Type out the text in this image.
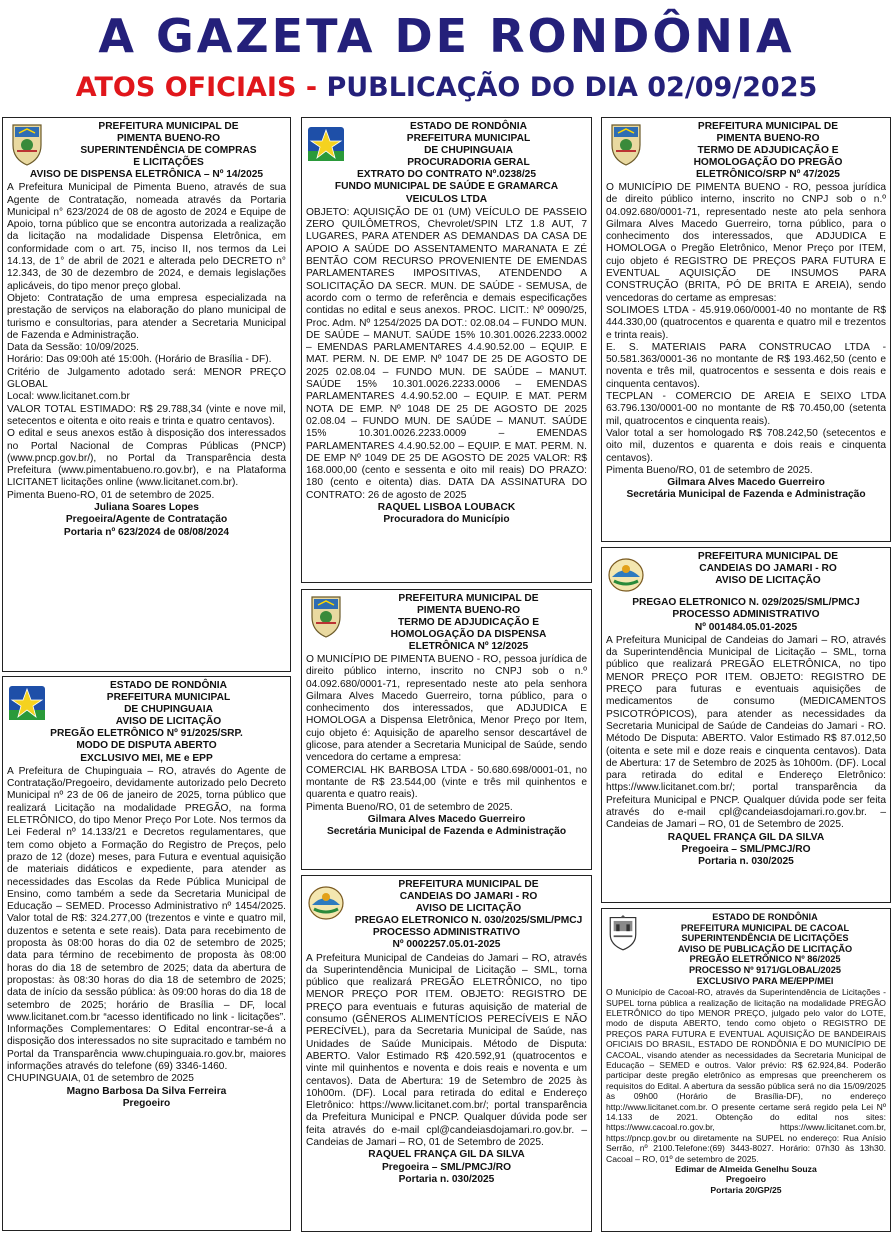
A GAZETA DE RONDÔNIA
ATOS OFICIAIS - PUBLICAÇÃO DO DIA 02/09/2025
PREFEITURA MUNICIPAL DE
PIMENTA BUENO-RO
SUPERINTENDÊNCIA DE COMPRAS
E LICITAÇÕES
AVISO DE DISPENSA ELETRÔNICA – Nº 14/2025

A Prefeitura Municipal de Pimenta Bueno, através de sua Agente de Contratação, nomeada através da Portaria Municipal n° 623/2024 de 08 de agosto de 2024 e Equipe de Apoio, torna público que se encontra autorizada a realização da licitação na modalidade Dispensa Eletrônica, em conformidade com o art. 75, inciso II, nos termos da Lei 14.13, de 1° de abril de 2021 e alterada pelo DECRETO n° 12.343, de 30 de dezembro de 2024, e demais legislações aplicáveis, do tipo menor preço global.

Objeto: Contratação de uma empresa especializada na prestação de serviços na elaboração do plano municipal de turismo e consultorias, para atender a Secretaria Municipal de Fazenda e Administração.

Data da Sessão: 10/09/2025.

Horário: Das 09:00h até 15:00h. (Horário de Brasília - DF).

Critério de Julgamento adotado será: MENOR PREÇO GLOBAL

Local: www.licitanet.com.br

VALOR TOTAL ESTIMADO: R$ 29.788,34 (vinte e nove mil, setecentos e oitenta e oito reais e trinta e quatro centavos).

O edital e seus anexos estão à disposição dos interessados no Portal Nacional de Compras Públicas (PNCP) (www.pncp.gov.br/), no Portal da Transparência desta Prefeitura (www.pimentabueno.ro.gov.br), e na Plataforma LICITANET licitações online (www.licitanet.com.br).

Pimenta Bueno-RO, 01 de setembro de 2025.

Juliana Soares Lopes
Pregoeira/Agente de Contratação
Portaria nº 623/2024 de 08/08/2024
ESTADO DE RONDÔNIA
PREFEITURA MUNICIPAL
DE CHUPINGUAIA
AVISO DE LICITAÇÃO
PREGÃO ELETRÔNICO Nº 91/2025/SRP.
MODO DE DISPUTA ABERTO
EXCLUSIVO MEI, ME e EPP

A Prefeitura de Chupinguaia – RO, através do Agente de Contratação/Pregoeiro, devidamente autorizado pelo Decreto Municipal nº 23 de 06 de janeiro de 2025, torna público que realizará Licitação na modalidade PREGÃO, na forma ELETRÔNICO, do tipo Menor Preço Por Lote. Nos termos da Lei Federal nº 14.133/21 e Decretos regulamentares, que tem como objeto a Formação do Registro de Preços, pelo prazo de 12 (doze) meses, para Futura e eventual aquisição de materiais didáticos e expediente, para atender as necessidades das Escolas da Rede Pública Municipal de Ensino, como também a sede da Secretaria Municipal de Educação – SEMED. Processo Administrativo nº 1454/2025. Valor total de R$: 324.277,00 (trezentos e vinte e quatro mil, duzentos e setenta e sete reais). Data para recebimento de proposta às 08:00 horas do dia 02 de setembro de 2025; data para término de recebimento de proposta às 08:00 horas do dia 18 de setembro de 2025; data da abertura de propostas: às 08:30 horas do dia 18 de setembro de 2025; data de início da sessão pública: às 09:00 horas do dia 18 de setembro de 2025; horário de Brasília – DF, local www.licitanet.com.br “acesso identificado no link - licitações”. Informações Complementares: O Edital encontrar-se-á a disposição dos interessados no site supracitado e também no Portal da Transparência www.chupinguaia.ro.gov.br, maiores informações através do telefone (69) 3346-1460.

CHUPINGUAIA, 01 de setembro de 2025

Magno Barbosa Da Silva Ferreira
Pregoeiro
ESTADO DE RONDÔNIA
PREFEITURA MUNICIPAL
DE CHUPINGUAIA
PROCURADORIA GERAL
EXTRATO DO CONTRATO Nº.0238/25
FUNDO MUNICIPAL DE SAÚDE E GRAMARCA
VEICULOS LTDA

OBJETO: AQUISIÇÃO DE 01 (UM) VEÍCULO DE PASSEIO ZERO QUILÔMETROS, Chevrolet/SPIN LTZ 1.8 AUT, 7 LUGARES, PARA ATENDER AS DEMANDAS DA CASA DE APOIO A SAÚDE DO ASSENTAMENTO MARANATA E ZÉ BENTÃO COM RECURSO PROVENIENTE DE EMENDAS PARLAMENTARES IMPOSITIVAS, ATENDENDO A SOLICITAÇÃO DA SECR. MUN. DE SAÚDE - SEMUSA, de acordo com o termo de referência e demais especificações contidas no edital e seus anexos. PROC. LICIT.: Nº 0090/25, Proc. Adm. Nº 1254/2025 DA DOT.: 02.08.04 – FUNDO MUN. DE SAÚDE – MANUT. SAÚDE 15% 10.301.0026.2233.0002 – EMENDAS PARLAMENTARES 4.4.90.52.00 – EQUIP. E MAT. PERM. N. DE EMP. Nº 1047 DE 25 DE AGOSTO DE 2025 02.08.04 – FUNDO MUN. DE SAÚDE – MANUT. SAÚDE 15% 10.301.0026.2233.0006 – EMENDAS PARLAMENTARES 4.4.90.52.00 – EQUIP. E MAT. PERM NOTA DE EMP. Nº 1048 DE 25 DE AGOSTO DE 2025 02.08.04 – FUNDO MUN. DE SAÚDE – MANUT. SAÚDE 15% 10.301.0026.2233.0009 – EMENDAS PARLAMENTARES 4.4.90.52.00 – EQUIP. E MAT. PERM. N. DE EMP Nº 1049 DE 25 DE AGOSTO DE 2025 VALOR: R$ 168.000,00 (cento e sessenta e oito mil reais) DO PRAZO: 180 (cento e oitenta) dias. DATA DA ASSINATURA DO CONTRATO: 26 de agosto de 2025

RAQUEL LISBOA LOUBACK
Procuradora do Município
PREFEITURA MUNICIPAL DE
PIMENTA BUENO-RO
TERMO DE ADJUDICAÇÃO E
HOMOLOGAÇÃO DA DISPENSA
ELETRÔNICA Nº 12/2025

O MUNICÍPIO DE PIMENTA BUENO - RO, pessoa jurídica de direito público interno, inscrito no CNPJ sob o n.º 04.092.680/0001-71, representado neste ato pela senhora Gilmara Alves Macedo Guerreiro, torna público, para o conhecimento dos interessados, que ADJUDICA E HOMOLOGA a Dispensa Eletrônica, Menor Preço por Item, cujo objeto é: Aquisição de aparelho sensor descartável de glicose, para atender a Secretaria Municipal de Saúde, sendo vencedora do certame a empresa:

COMERCIAL HK BARBOSA LTDA - 50.680.698/0001-01, no montante de R$ 23.544,00 (vinte e três mil quinhentos e quarenta e quatro reais).

Pimenta Bueno/RO, 01 de setembro de 2025.

Gilmara Alves Macedo Guerreiro
Secretária Municipal de Fazenda e Administração
PREFEITURA MUNICIPAL DE
CANDEIAS DO JAMARI - RO
AVISO DE LICITAÇÃO
PREGAO ELETRONICO N. 030/2025/SML/PMCJ
PROCESSO ADMINISTRATIVO
Nº 0002257.05.01-2025

A Prefeitura Municipal de Candeias do Jamari – RO, através da Superintendência Municipal de Licitação – SML, torna público que realizará PREGÃO ELETRÔNICO, no tipo MENOR PREÇO POR ITEM. OBJETO: REGISTRO DE PREÇO para eventuais e futuras aquisição de material de consumo (GÊNEROS ALIMENTÍCIOS PERECÍVEIS E NÃO PERECÍVEL), para da Secretaria Municipal de Saúde, nas Unidades de Saúde Municipais. Método de Disputa: ABERTO. Valor Estimado R$ 420.592,91 (quatrocentos e vinte mil quinhentos e noventa e dois reais e noventa e um centavos). Data de Abertura: 19 de Setembro de 2025 às 10h00m. (DF). Local para retirada do edital e Endereço Eletrônico: https://www.licitanet.com.br/; portal transparência da Prefeitura Municipal e PNCP. Qualquer dúvida pode ser feita através do e-mail cpl@candeiasdojamari.ro.gov.br. – Candeias de Jamari – RO, 01 de Setembro de 2025.

RAQUEL FRANÇA GIL DA SILVA
Pregoeira – SML/PMCJ/RO
Portaria n. 030/2025
PREFEITURA MUNICIPAL DE
PIMENTA BUENO-RO
TERMO DE ADJUDICAÇÃO E
HOMOLOGAÇÃO DO PREGÃO
ELETRÔNICO/SRP Nº 47/2025

O MUNICÍPIO DE PIMENTA BUENO - RO, pessoa jurídica de direito público interno, inscrito no CNPJ sob o n.º 04.092.680/0001-71, representado neste ato pela senhora Gilmara Alves Macedo Guerreiro, torna público, para o conhecimento dos interessados, que ADJUDICA E HOMOLOGA o Pregão Eletrônico, Menor Preço por ITEM, cujo objeto é REGISTRO DE PREÇOS PARA FUTURA E EVENTUAL AQUISIÇÃO DE INSUMOS PARA CONSTRUÇÃO (BRITA, PÓ DE BRITA E AREIA), sendo vencedoras do certame as empresas:

SOLIMOES LTDA - 45.919.060/0001-40 no montante de R$ 444.330,00 (quatrocentos e quarenta e quatro mil e trezentos e trinta reais).

E. S. MATERIAIS PARA CONSTRUCAO LTDA - 50.581.363/0001-36 no montante de R$ 193.462,50 (cento e noventa e três mil, quatrocentos e sessenta e dois reais e cinquenta centavos).

TECPLAN - COMERCIO DE AREIA E SEIXO LTDA 63.796.130/0001-00 no montante de R$ 70.450,00 (setenta mil, quatrocentos e cinquenta reais).

Valor total a ser homologado R$ 708.242,50 (setecentos e oito mil, duzentos e quarenta e dois reais e cinquenta centavos).

Pimenta Bueno/RO, 01 de setembro de 2025.

Gilmara Alves Macedo Guerreiro
Secretária Municipal de Fazenda e Administração
PREFEITURA MUNICIPAL DE
CANDEIAS DO JAMARI - RO
AVISO DE LICITAÇÃO
PREGAO ELETRONICO N. 029/2025/SML/PMCJ
PROCESSO ADMINISTRATIVO
Nº 001484.05.01-2025

A Prefeitura Municipal de Candeias do Jamari – RO, através da Superintendência Municipal de Licitação – SML, torna público que realizará PREGÃO ELETRÔNICA, no tipo MENOR PREÇO POR ITEM. OBJETO: REGISTRO DE PREÇO para futuras e eventuais aquisições de medicamentos de consumo (MEDICAMENTOS PSICOTRÓPICOS), para atender as necessidades da Secretaria Municipal de Saúde de Candeias do Jamari - RO. Método De Disputa: ABERTO. Valor Estimado R$ 87.012,50 (oitenta e sete mil e doze reais e cinquenta centavos). Data de Abertura: 17 de Setembro de 2025 às 10h00m. (DF). Local para retirada do edital e Endereço Eletrônico: https://www.licitanet.com.br/; portal transparência da Prefeitura Municipal e PNCP. Qualquer dúvida pode ser feita através do e-mail cpl@candeiasdojamari.ro.gov.br. – Candeias de Jamari – RO, 01 de Setembro de 2025.

RAQUEL FRANÇA GIL DA SILVA
Pregoeira – SML/PMCJ/RO
Portaria n. 030/2025
ESTADO DE RONDÔNIA
PREFEITURA MUNICIPAL DE CACOAL
SUPERINTENDÊNCIA DE LICITAÇÕES
AVISO DE PUBLICAÇÃO DE LICITAÇÃO
PREGÃO ELETRÔNICO Nº 86/2025
PROCESSO Nº 9171/GLOBAL/2025
EXCLUSIVO PARA ME/EPP/MEI

O Município de Cacoal-RO, através da Superintendência de Licitações - SUPEL torna pública a realização de licitação na modalidade PREGÃO ELETRÔNICO do tipo MENOR PREÇO, julgado pelo valor do LOTE, modo de disputa ABERTO, tendo como objeto o REGISTRO DE PREÇOS PARA FUTURA E EVENTUAL AQUISIÇÃO DE BANDEIRAIS OFICIAIS DO BRASIL, ESTADO DE RONDÔNIA E DO MUNICÍPIO DE CACOAL, visando atender as necessidades da Secretaria Municipal de Educação – SEMED e outros. Valor prévio: R$ 62.924,84. Poderão participar deste pregão eletrônico as empresas que preencherem os requisitos do Edital. A abertura da sessão pública será no dia 15/09/2025 às 09h00 (Horário de Brasília-DF), no endereço http://www.licitanet.com.br. O presente certame será regido pela Lei Nº 14.133 de 2021. Obtenção do edital nos sites: https://www.cacoal.ro.gov.br, https://www.licitanet.com.br, https://pncp.gov.br ou diretamente na SUPEL no endereço: Rua Anísio Serrão, nº 2100.Telefone:(69) 3443-8027. Horário: 07h30 às 13h30. Cacoal – RO, 01º de setembro de 2025.

Edimar de Almeida Genelhu Souza
Pregoeiro
Portaria 20/GP/25
